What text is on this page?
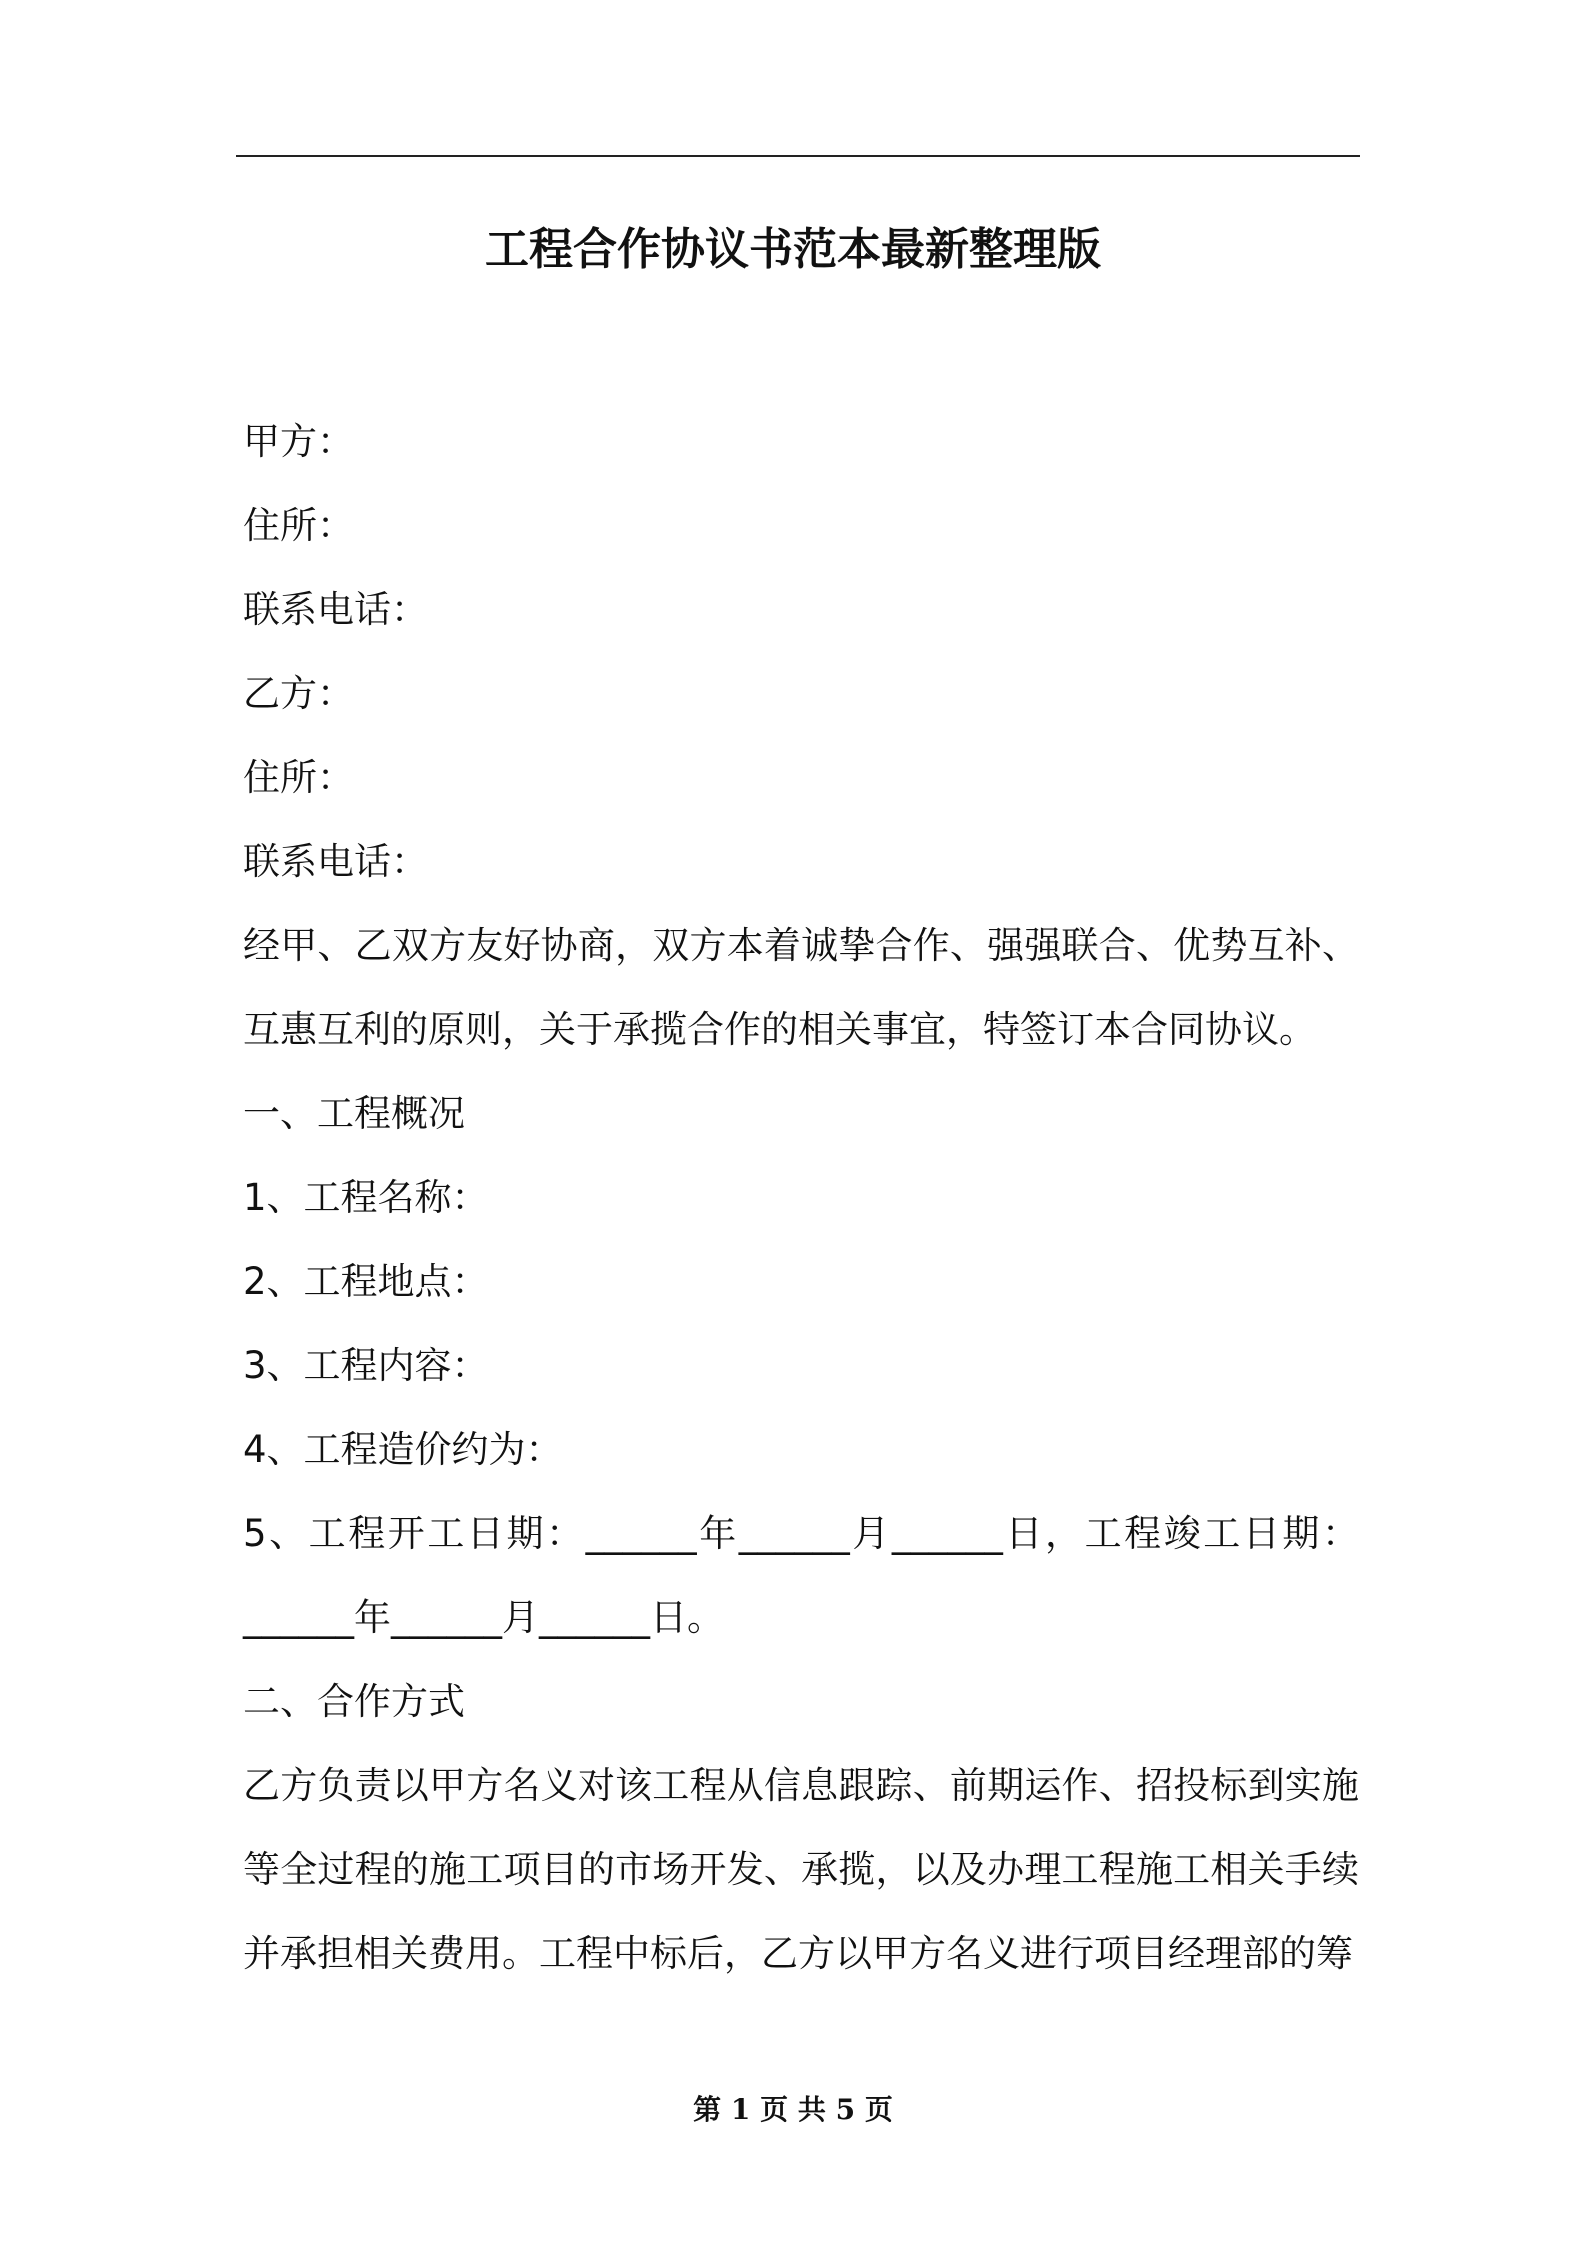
工程合作协议书范本最新整理版

甲方：

住所：

联系电话：

乙方：

住所：

联系电话：

经甲、乙双方友好协商，双方本着诚挚合作、强强联合、优势互补、互惠互利的原则，关于承揽合作的相关事宜，特签订本合同协议。

一、工程概况

1、工程名称：

2、工程地点：

3、工程内容：

4、工程造价约为：

5、工程开工日期：______年______月______日，工程竣工日期：______年______月______日。

二、合作方式

乙方负责以甲方名义对该工程从信息跟踪、前期运作、招投标到实施等全过程的施工项目的市场开发、承揽，以及办理工程施工相关手续并承担相关费用。工程中标后，乙方以甲方名义进行项目经理部的筹

第 1 页 共 5 页
